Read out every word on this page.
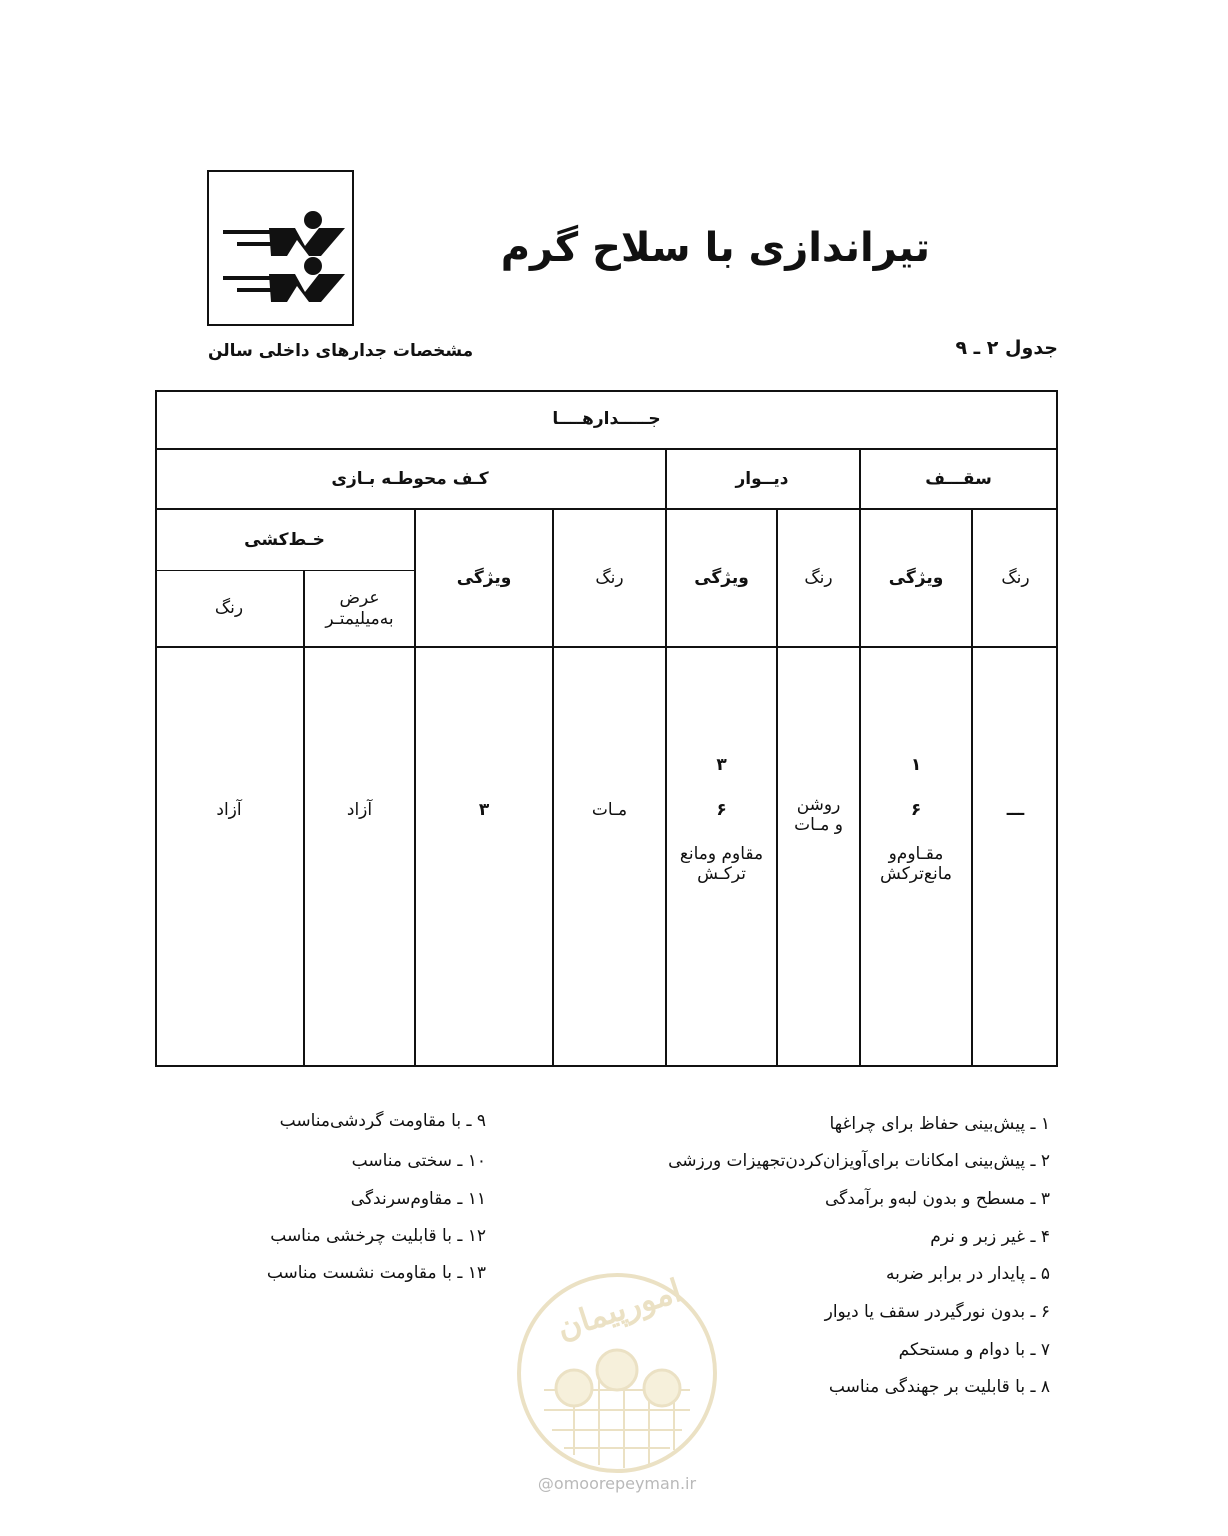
تیراندازی با سلاح گرم
جدول ۲ ـ ۹
مشخصات جدارهای داخلی سالن
جـــــدارهــــا
سقـــف
دیــوار
کـف محوطـه بـازی
رنگ
ویژگی
رنگ
ویژگی
رنگ
ویژگی
خـط‌کشی
عرض به‌میلیمتـر
رنگ
ـــ
۱
۶
مقـاوم‌و
مانع‌ترکش
روشن
و مـات
۳
۶
مقاوم ومانع
ترکـش
مـات
۳
آزاد
آزاد
۱ ـ پیش‌بینی حفاظ برای چراغها
۲ ـ پیش‌بینی امکانات برای‌آویزان‌کردن‌تجهیزات ورزشی
۳ ـ مسطح و بدون لبه‌و برآمدگی
۴ ـ غیر زبر و نرم
۵ ـ پایدار در برابر ضربه
۶ ـ بدون نورگیردر سقف یا دیوار
۷ ـ با دوام و مستحکم
۸ ـ با قابلیت بر جهندگی مناسب
۹ ـ با مقاومت گردشی‌مناسب
۱۰ ـ سختی مناسب
۱۱ ـ مقاوم‌سرندگی
۱۲ ـ با قابلیت چرخشی مناسب
۱۳ ـ با مقاومت نشست مناسب امورپیمان
@omoorepeyman.ir
